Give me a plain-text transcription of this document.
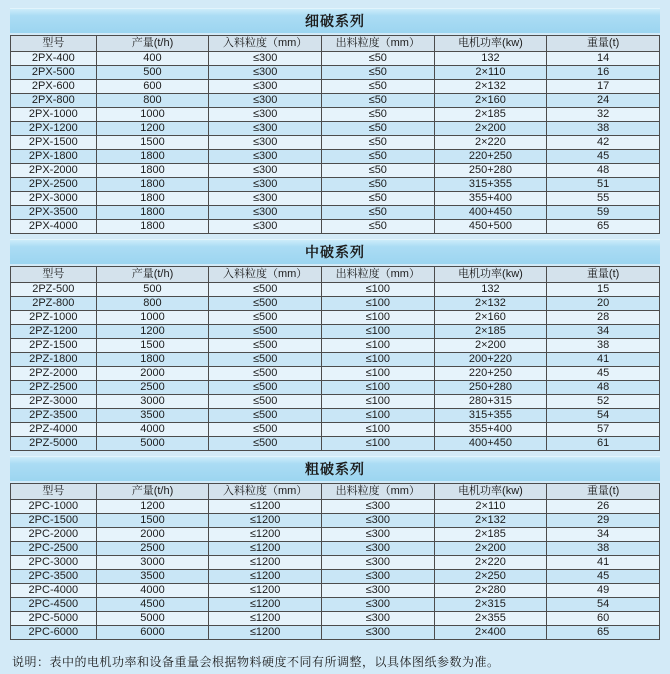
细破系列
型号	产量(t/h)	入料粒度（mm）	出料粒度（mm）	电机功率(kw)	重量(t)
2PX-400	400	≤300	≤50	132	14
2PX-500	500	≤300	≤50	2×110	16
2PX-600	600	≤300	≤50	2×132	17
2PX-800	800	≤300	≤50	2×160	24
2PX-1000	1000	≤300	≤50	2×185	32
2PX-1200	1200	≤300	≤50	2×200	38
2PX-1500	1500	≤300	≤50	2×220	42
2PX-1800	1800	≤300	≤50	220+250	45
2PX-2000	1800	≤300	≤50	250+280	48
2PX-2500	1800	≤300	≤50	315+355	51
2PX-3000	1800	≤300	≤50	355+400	55
2PX-3500	1800	≤300	≤50	400+450	59
2PX-4000	1800	≤300	≤50	450+500	65
中破系列
型号	产量(t/h)	入料粒度（mm）	出料粒度（mm）	电机功率(kw)	重量(t)
2PZ-500	500	≤500	≤100	132	15
2PZ-800	800	≤500	≤100	2×132	20
2PZ-1000	1000	≤500	≤100	2×160	28
2PZ-1200	1200	≤500	≤100	2×185	34
2PZ-1500	1500	≤500	≤100	2×200	38
2PZ-1800	1800	≤500	≤100	200+220	41
2PZ-2000	2000	≤500	≤100	220+250	45
2PZ-2500	2500	≤500	≤100	250+280	48
2PZ-3000	3000	≤500	≤100	280+315	52
2PZ-3500	3500	≤500	≤100	315+355	54
2PZ-4000	4000	≤500	≤100	355+400	57
2PZ-5000	5000	≤500	≤100	400+450	61
粗破系列
型号	产量(t/h)	入料粒度（mm）	出料粒度（mm）	电机功率(kw)	重量(t)
2PC-1000	1200	≤1200	≤300	2×110	26
2PC-1500	1500	≤1200	≤300	2×132	29
2PC-2000	2000	≤1200	≤300	2×185	34
2PC-2500	2500	≤1200	≤300	2×200	38
2PC-3000	3000	≤1200	≤300	2×220	41
2PC-3500	3500	≤1200	≤300	2×250	45
2PC-4000	4000	≤1200	≤300	2×280	49
2PC-4500	4500	≤1200	≤300	2×315	54
2PC-5000	5000	≤1200	≤300	2×355	60
2PC-6000	6000	≤1200	≤300	2×400	65
说明：表中的电机功率和设备重量会根据物料硬度不同有所调整，以具体图纸参数为准。
